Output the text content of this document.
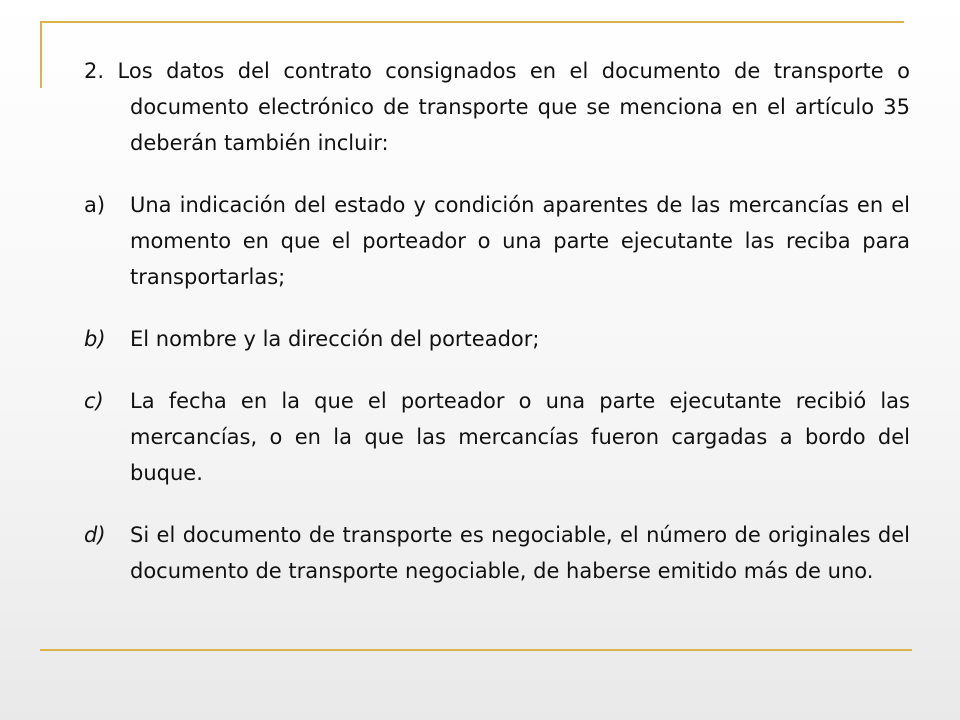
2. Los datos del contrato consignados en el documento de transporte o documento electrónico de transporte que se menciona en el artículo 35 deberán también incluir:

a) Una indicación del estado y condición aparentes de las mercancías en el momento en que el porteador o una parte ejecutante las reciba para transportarlas;

b) El nombre y la dirección del porteador;

c) La fecha en la que el porteador o una parte ejecutante recibió las mercancías, o en la que las mercancías fueron cargadas a bordo del buque.

d) Si el documento de transporte es negociable, el número de originales del documento de transporte negociable, de haberse emitido más de uno.
